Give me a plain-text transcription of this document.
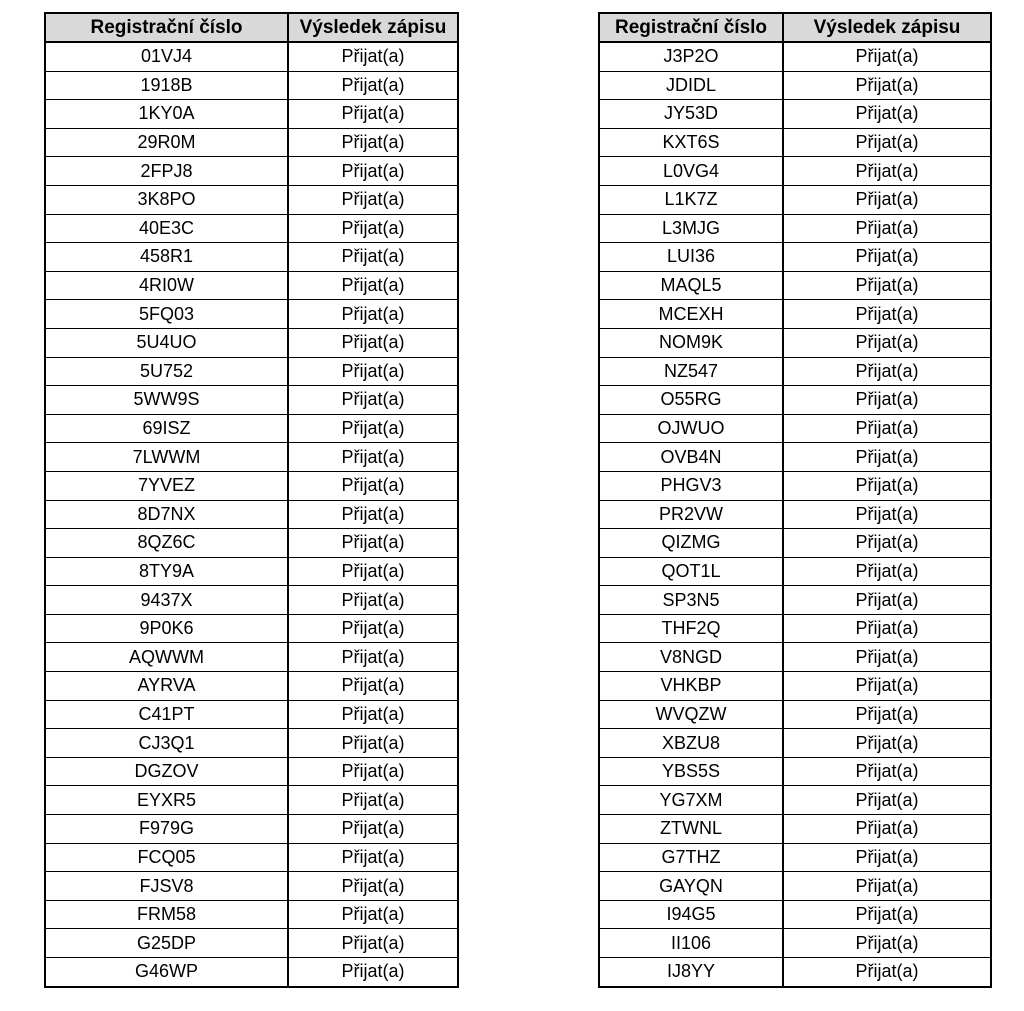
Registrační číslo	Výsledek zápisu
01VJ4	Přijat(a)
1918B	Přijat(a)
1KY0A	Přijat(a)
29R0M	Přijat(a)
2FPJ8	Přijat(a)
3K8PO	Přijat(a)
40E3C	Přijat(a)
458R1	Přijat(a)
4RI0W	Přijat(a)
5FQ03	Přijat(a)
5U4UO	Přijat(a)
5U752	Přijat(a)
5WW9S	Přijat(a)
69ISZ	Přijat(a)
7LWWM	Přijat(a)
7YVEZ	Přijat(a)
8D7NX	Přijat(a)
8QZ6C	Přijat(a)
8TY9A	Přijat(a)
9437X	Přijat(a)
9P0K6	Přijat(a)
AQWWM	Přijat(a)
AYRVA	Přijat(a)
C41PT	Přijat(a)
CJ3Q1	Přijat(a)
DGZOV	Přijat(a)
EYXR5	Přijat(a)
F979G	Přijat(a)
FCQ05	Přijat(a)
FJSV8	Přijat(a)
FRM58	Přijat(a)
G25DP	Přijat(a)
G46WP	Přijat(a)
Registrační číslo	Výsledek zápisu
J3P2O	Přijat(a)
JDIDL	Přijat(a)
JY53D	Přijat(a)
KXT6S	Přijat(a)
L0VG4	Přijat(a)
L1K7Z	Přijat(a)
L3MJG	Přijat(a)
LUI36	Přijat(a)
MAQL5	Přijat(a)
MCEXH	Přijat(a)
NOM9K	Přijat(a)
NZ547	Přijat(a)
O55RG	Přijat(a)
OJWUO	Přijat(a)
OVB4N	Přijat(a)
PHGV3	Přijat(a)
PR2VW	Přijat(a)
QIZMG	Přijat(a)
QOT1L	Přijat(a)
SP3N5	Přijat(a)
THF2Q	Přijat(a)
V8NGD	Přijat(a)
VHKBP	Přijat(a)
WVQZW	Přijat(a)
XBZU8	Přijat(a)
YBS5S	Přijat(a)
YG7XM	Přijat(a)
ZTWNL	Přijat(a)
G7THZ	Přijat(a)
GAYQN	Přijat(a)
I94G5	Přijat(a)
II106	Přijat(a)
IJ8YY	Přijat(a)
